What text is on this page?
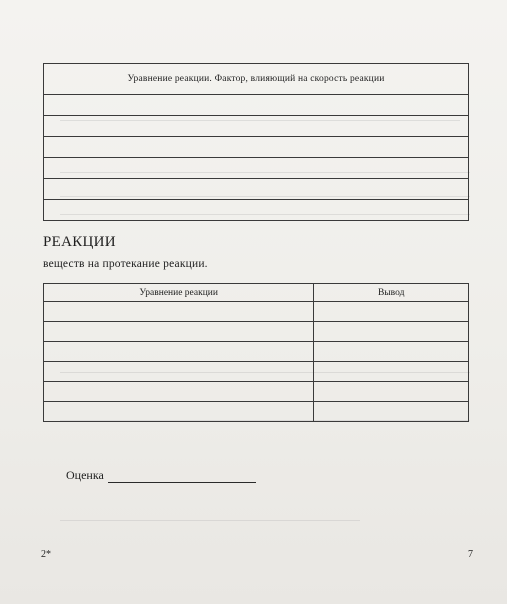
Уравнение реакции. Фактор, влияющий на скорость реакции

РЕАКЦИИ
веществ на протекание реакции.
Уравнение реакции	Вывод

Оценка
2*	7
